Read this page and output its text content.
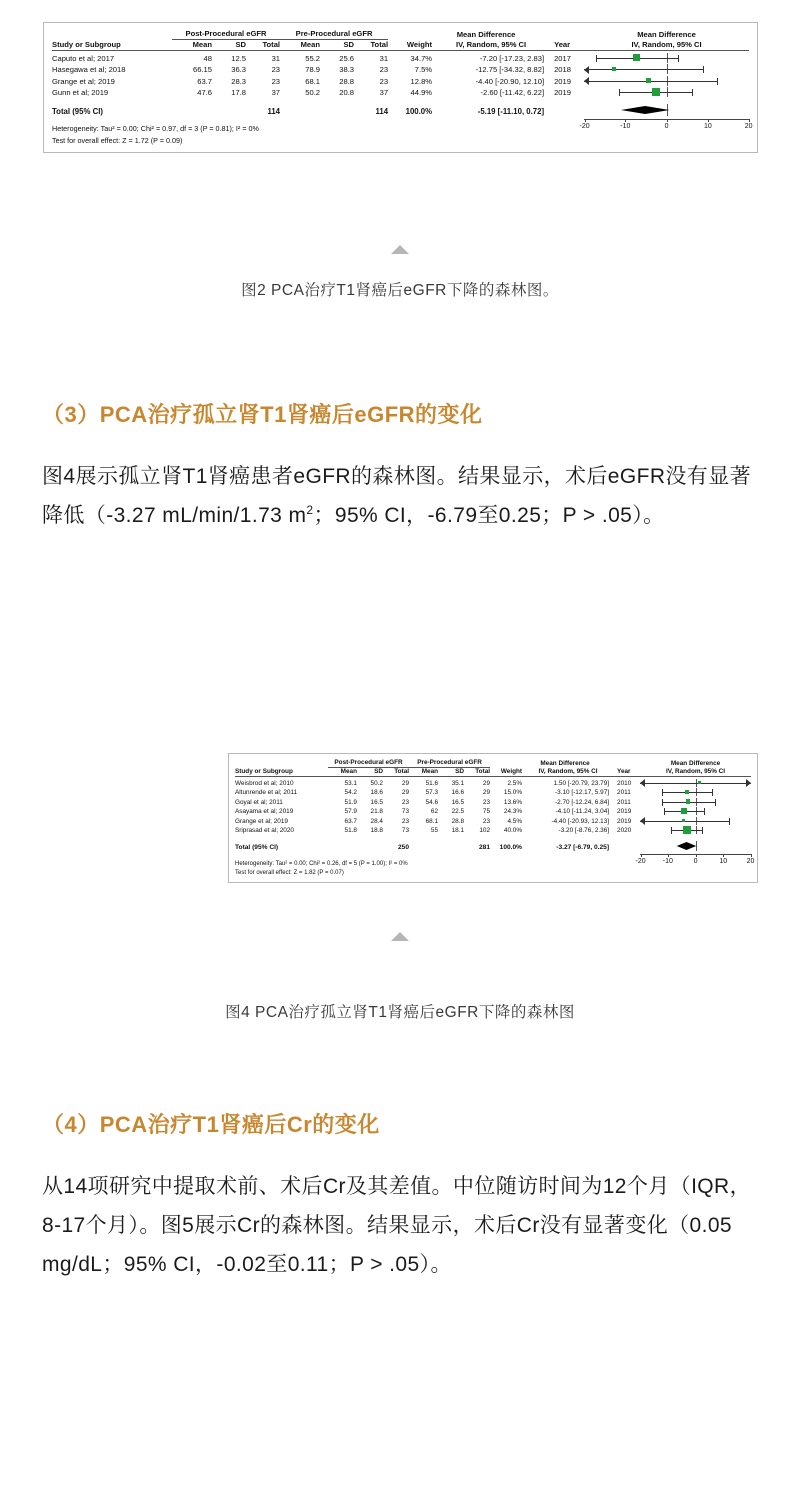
	Post-Procedural eGFR			Pre-Procedural eGFR			Mean Difference			Mean Difference
Study or Subgroup	Mean	SD	Total	Mean	SD	Total	Weight	IV, Random, 95% CI	Year	IV, Random, 95% CI
Caputo et al; 2017	48	12.5	31	55.2	25.6	31	34.7%	-7.20 [-17.23, 2.83]	2017	

Hasegawa et al; 2018	66.15	36.3	23	78.9	38.3	23	7.5%	-12.75 [-34.32, 8.82]	2018	

Grange et al; 2019	63.7	28.3	23	68.1	28.8	23	12.8%	-4.40 [-20.90, 12.10]	2019	

Gunn et al; 2019	47.6	17.8	37	50.2	20.8	37	44.9%	-2.60 [-11.42, 6.22]	2019	

Total (95% CI)			114			114	100.0%	-5.19 [-11.10, 0.72]		

Heterogeneity: Tau² = 0.00; Chi² = 0.97, df = 3 (P = 0.81); I² = 0%										-20 -10 0 10 20

Test for overall effect: Z = 1.72 (P = 0.09)										
图2 PCA治疗T1肾癌后eGFR下降的森林图。
（3）PCA治疗孤立肾T1肾癌后eGFR的变化
图4展示孤立肾T1肾癌患者eGFR的森林图。结果显示，术后eGFR没有显著降低（-3.27 mL/min/1.73 $m^2$；95% CI，-6.79至0.25；P > .05）。
	Post-Procedural eGFR			Pre-Procedural eGFR			Mean Difference			Mean Difference
Study or Subgroup	Mean	SD	Total	Mean	SD	Total	Weight	IV, Random, 95% CI	Year	IV, Random, 95% CI
Weisbrod et al; 2010	53.1	50.2	29	51.6	35.1	29	2.5%	1.50 [-20.79, 23.79]	2010	

Altunrende et al; 2011	54.2	18.6	29	57.3	16.6	29	15.0%	-3.10 [-12.17, 5.97]	2011	

Goyal et al; 2011	51.9	16.5	23	54.6	16.5	23	13.6%	-2.70 [-12.24, 6.84]	2011	

Asayama et al; 2019	57.9	21.8	73	62	22.5	75	24.3%	-4.10 [-11.24, 3.04]	2019	

Grange et al; 2019	63.7	28.4	23	68.1	28.8	23	4.5%	-4.40 [-20.93, 12.13]	2019	

Sriprasad et al; 2020	51.8	18.8	73	55	18.1	102	40.0%	-3.20 [-8.76, 2.36]	2020	

Total (95% CI)			250			281	100.0%	-3.27 [-6.79, 0.25]		

Heterogeneity: Tau² = 0.00; Chi² = 0.26, df = 5 (P = 1.00); I² = 0%										-20 -10 0 10 20

Test for overall effect: Z = 1.82 (P = 0.07)										
图4 PCA治疗孤立肾T1肾癌后eGFR下降的森林图
（4）PCA治疗T1肾癌后Cr的变化
从14项研究中提取术前、术后Cr及其差值。中位随访时间为12个月（IQR，8-17个月）。图5展示Cr的森林图。结果显示，术后Cr没有显著变化（0.05 mg/dL；95% CI，-0.02至0.11；P > .05）。
